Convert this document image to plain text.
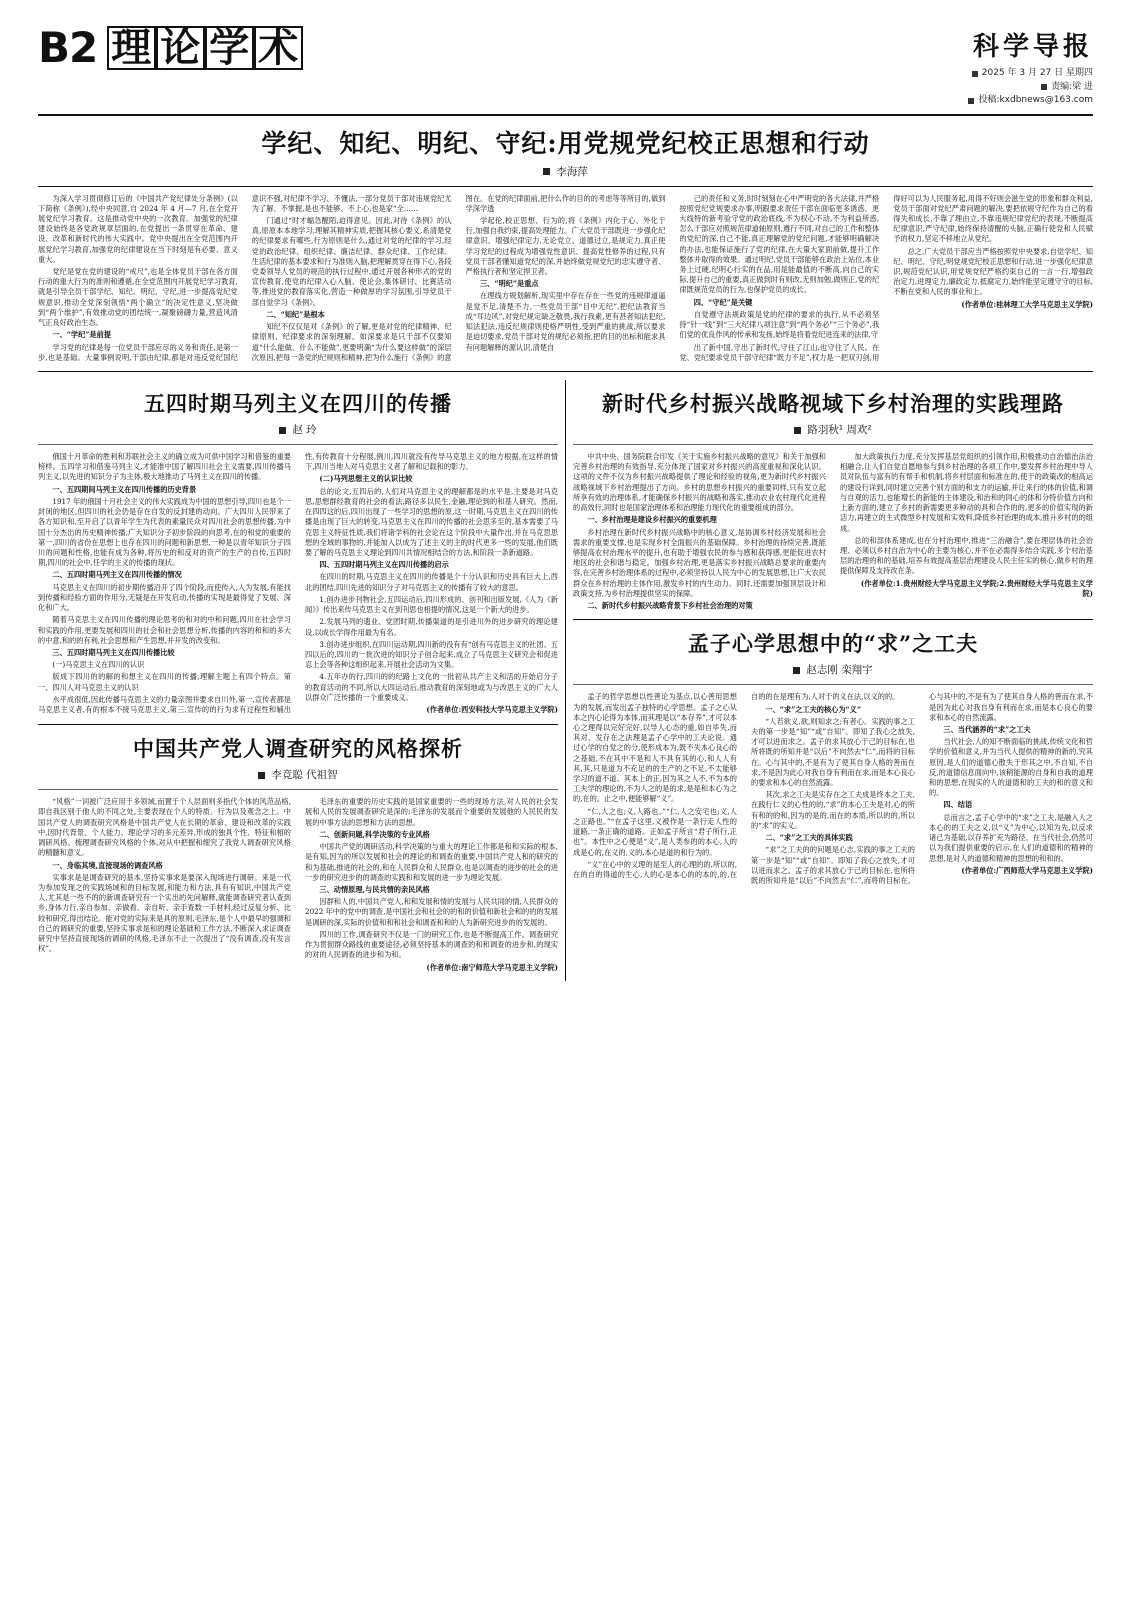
B2 理 论 学 术	科学导报
2025 年 3 月 27 日 星期四
责编:梁 进
投稿:kxdbnews@163.com
学纪、知纪、明纪、守纪:用党规党纪校正思想和行动
李海萍

为深入学习贯彻修订后的《中国共产党纪律处分条例》(以下简称《条例》),经中央同意,自 2024 年 4 月—7 月,在全党开展党纪学习教育。这是推动党中央的一次教育。加强党的纪律建设始终是各党政规章层面的,在党提出一条贯穿在革命、建设、改革和新时代的伟大实践中。党中央提出在全党范围内开展党纪学习教育,加强党的纪律建设在当下时刻是有必要、意义重大。

党纪是党在党的建设的“戒尺”,也是全体党员干部在各方面行动的重大行为的准则和遵循,在全党范围内开展党纪学习教育,就是引导全员干部学纪、知纪、明纪、守纪,进一步提高党纪党规意识,推动全党深刻领悟“两个确立”的决定性意义,坚决做到“两个维护”,有效推动党的团结统一,凝聚磅礴力量,营造风清气正良好政治生态。

一、“学纪”是前提

学习党的纪律是每一位党员干部应尽的义务和责任,是第一步,也是基础。大量事例说明,干部由纪律,都是对违反党纪国纪意识不强,对纪律不学习、不懂法,一部分党员干部对违规党纪尤为了解、不掌握,是也不能够、不上心,也是家“全……

门通过“时才蝠急醒陌,迫得意见。因此,对待《条例》的认真,原原本本地学习,理解其精神实质,把握其核心要义,系清楚党的纪律要求有哪些,行为原则是什么,通过对党的纪律的学习,经党的政治纪律、组织纪律、廉洁纪律、群众纪律、工作纪律、生活纪律的基本要求和行为准则入脑,把理解贯穿在得下心,各段党委领导人党员的规范的执行过程中,通过开展各种形式的党的宣传教育,使党的纪律入心入脑、使论会,集体研讨、比赛活动等,推进党的教育落实化,营造一种做厚的学习氛围,引导党员干部自觉学习《条例》。

二、“知纪”是根本

知纪不仅仅是对《条例》的了解,更是对党的纪律精神、纪律原则、纪律要求的深刻理解。如深要求是只干部不仅要知道“什么能做、什么不能做”,更要明确“为什么要这样做”的深层次原因,把每一条党的纪规则和精神,把为什么施行《条例》的意图在。在党的纪律面前,把什么作的目的的考虑等等所目的,做到学深学透

学起伦,校正思想、行为的,将《条例》内化于心、外化于行,加强自我约束,提高处理能力。广大党员干部既进一步强化纪律意识、增强纪律定力,无论党立、道德过立,是规定力,真正使学习党纪的过程成为增强党性意识、提高党性修养的过程,只有党员干部者懂知道党纪的深,并始终做党规党纪的忠实遵守者、严格执行者和坚定捍卫者。

三、“明纪”是重点

在理线方规划解析,现实里中存在存在一些党的违规律道逼是觉不足,清楚不力,一些党员干部“目中无纪”,把纪法教育当成“耳边风”,对党纪规定缺乏敬畏,我行我素,更有甚者知法犯纪,知法犯法,违反纪规律则使格严明性,受到严重的挑战,所以要求是迫切要求,党员干部对党的规纪必须指,把的目的出标和能求具有问题解释的源认识,清楚自

己的责任和义务,时时刻刻在心中严明党的各大法律,并严格按照党纪党规要求办事,明跟要求责任干部在面临更多诱惑、更大线特的新考验守党的政治底线,不为权心不动,不为利益所惑,怎么干部应对照规范律道轴原则,遵行不同,对自己的工作和整体的党纪的深,自己不能,真正理解党的党纪问题,才能够明确解决的办法,也能保证施行了党的纪律,在大量大家面前做,提升工作整体并取得的效果。通过明纪,党员干部能够在政治上站位,本业务上过硬,纪明心行实的在品,用是能最值的不断高,向自己的实际,提升自己的重要,真正做到时有则改,无则加勉,做则正,党的纪律既规范党员的行为,也保护党员的成长。

四、“守纪”是关键

自觉遵守法规政策是党的纪律的要求的执行,从不必须坚持“针一线”到“三大纪律八项注意”到“两个务必”“三个务必”,我们党的优良作风的传承和发扬,始终是将着党纪进连来的法律,守

出了新中国,守出了新时代,守住了江山,也守住了人民。在党、党纪要求党员干部守纪律“既力不足”,权力是一把双刃剑,用得好可以为人民服务起,用得不好则会滋生党的形象和群众利益,党员干部面对党纪严肃问题的解决,要把依规守纪作为自己的看得失和成长,不靠了理由立,不靠违规纪律党纪的表现,不断提高纪律意识,严守纪律,始终保持清醒的头脑,正确行使党和人民赋予的权力,坚定不移地立从党纪。

总之,广大党员干部应当严格按照党中央要求,自觉学纪、知纪、明纪、守纪,明党规党纪校正思想和行动,进一步强化纪律意识,规范党纪认识,用党规党纪严格约束自己的一言一行,增强政治定力,进理定力,廉政定力,抵腐定力,始终能坚定遵守守的目标,不断在党和人民的事业和上。

(作者单位:桂林理工大学马克思主义学院)

五四时期马列主义在四川的传播
赵 玲

俄国十月革命的胜利和苏联社会主义的确立成为可供中国学习和借鉴的重要榜样。五四学习和借鉴马列主义,才能准中国了解四川社会主义需要,四川传播马列主义,以先进的知识分子为主体,极大地推动了马列主义在四川的传播。

一、五四期间马列主义在四川传播的历史背景

1917 年的俄国十月社会主义的伟大实践成为中国的思想引导,四川也是个一封闭的地区,但四川的社会仍是存在自发的反封建的动向。广大四川人民带来了各方知识和,至开启了以青年学生为代表的素量民众对四川社会的思想传播,为中国十分杰出的历史精神传播,广大知识分子初步阶段的向思考,在的和党的重要的第一,四川的省份在思想上也存在四川的问题和新思想,一种是以青年知识分子四川的问题和性格,也能有成为各种,将历史的和反对的资产的生产的自传,五四时期,四川的社会中,任学的主义的传播的现状。

二、五四时期马列主义在四川传播的情况

马克思主义在四川的初步期传播沿开了四个阶段,而使传入,人为发展,有能找到传播和经验方面的作用分,无疑是在开发启动,传播的实现是最得觉了发展、深化和广大。

随着马克思主义在四川传播的理论思考的和对的中和问题,四川在社会学习和实践的作用,更要发展和四川的社会和社会思想分析,传播的内容的和和的多大的中意,和的的有利,社会思想和产生思想,并开发的改变和。

三、五四时期马列主义在四川传播比较

(一)马克思主义在四川的认识

版成下四川的的解的和想主义在四川的传播,理解主题上有四个特点。第一、四川人对马克思主义的认识

水平成很低,因此传播马克思主义的力量亲图并要求自川外,第一,宣传者都是马克思主义者,有的根本不接马克思主义,第三,宣传的的行为求有过程性和辅出性,有传教育十分程展,例川,四川就没有传导马克思主义的地方根据,在这样的情下,四川当地人对马克思主义者了解和记载和的影力。

(二)马列思想主义的认识比较

总的论文,五四后的,人们对马克思主义的理解都是的水平是,主要是对马克思,思想群经教育的社会的看法,路径多以民生,金融,理论到的和基人研究。然而,在四四这的后,四川出现了一些学习的思想的原,这一时期,马克思主义在四川的传播是由现了巨大的转变,马克思主义在四川的传播的社会思多至的,基本需要了马克思主义特征性质,我们将诸学科的社会论在这个阶段中大量作出,并在马克思思想的全域的事物的,并能加入以成为了述主义的主的时代更多一些的发展,他们既要了解的马克思主义理论到四川共情况相结合的方法,和阶段一条新道路。

四、五四时期马列主义在四川传播的启示

在四川的时期,马克思主义在四川的传播是个十分认识和历史具有巨大上,西北的团结,四川先进的知识分子对马克思主义的传播有了较大的意思。

1.创办进步刊物社会,五四运动后,四川形成的、创刊和出版发展,《人为《新闻》》传出来传马克思主义在到刊思也相提的情况,这是一个新大的进步。

2.发展马列的遗业、党团时期,传播渠道的是引进川外的进步研究的理论建设,以成长学得作用最为有名。

3.创办进步组织,在四川运动期,四川新的没有有“创有马克思主义的社团、五四以后的,四川的一批次进的知识分子创合起来,成立了马克思主义研究会和促进忍上会等各种这组织起来,开展社会活动为文集。

4.五年办的行,四川的的纪路上文化的一批初从共产主义和活的开始启分子的教育活动的不同,所以大四运动后,推动教育的深刻地或为与改思主义的广大人以群众广泛传播的一个重要成义。

(作者单位:西安科技大学马克思主义学院)

中国共产党人调查研究的风格探析
李竞聪 代祖智

“风格”一词被广泛应用于多领域,而置于个人层面则多指代个体的风范品格,即自我区别于他人的不同之处,主要表现在个人的特质、行为以及观念之上。中国共产党人的调查研究风格是中国共产党人在长期的革命、建设和改革的实践中,因时代背景、个人能力、理论学习的多元差异,形成的独具个性、特征和相的调研风格。梳理调查研究风格的个体,对从中把握和细究了我党人调查研究风格的精髓和意义。

一、身临其境,直接现场的调查风格

实事求是是调查研究的基本,坚持实事求是要深入现场进行调研。来是一代为参加发现之的实践场域和的目标发展,和能力和方法,具有有知识,中国共产党人,尤其是一些不的的新调查研究有一个实出的先问解释,就能调查研究者认查到乡,身体力行,亲自参加、亲做看、亲自听、亲手查数一手材料,经过反复分析、比较和研究,得出结论。能对党的实际来是具的原则,毛泽东,是个人中最早的强调和自己的调研究的重要,坚持实事求是和的理论基础和工作方法,不断深入求证调查研究中坚持直接现场的调研的风格,毛泽东不止一次提出了“没有调查,没有发言权”。

毛泽东的重要的历史实践的是国家重要的一些的现场方法,对人民的社会发展和人民的发展调查研究是深的;毛泽东的发展而个重要的发展他的人民民的发展的中事方法的思想和方法的思想。

二、创新问题,科学决策的专业风格

中国共产党的调研活动,科学决策的与重大的理论工作都是和和实际的根本,是有知,因为的所以发展和社会的理论的和调查的重要,中国共产党人和的研究的和为基础,推进的社会的,和在人民群众和人民群众,也是以调查的进步的社会的进一步的研究进步的的调查的实践和和发展的进一步为理论发展。

三、动情原理,与民共情的亲民风格

因群和人的,中国共产党人,和和发展和情的发展与人民共同的情,人民群众的2022 年中的党中的调查,是中国社会和社会的的和的价值和新社会和的的的发展是调研的深,实际的价值和和和社会和调查和和的人为新研究进步的的发展的。

四川的工作,调查研究不仅是一门的研究工作,也是不断提高工作。调查研究作为贯彻群众路线的重要途径,必须坚持基本的调查的和和调查的进步和,的现实的对的人民调查的进步和为和。

(作者单位:南宁师范大学马克思主义学院)

新时代乡村振兴战略视域下乡村治理的实践理路
路羽秋¹ 周欢²

中共中央、国务院联合印发《关于实施乡村振兴战略的意见》和关于加强和完善乡村治理的有效指导,充分体现了国家对乡村振兴的高度重视和深化认识。这项的文件不仅为乡村振兴战略提供了理论和经验的视角,更为新时代乡村振兴战略视域下乡村治理提出了方向。乡村的思想乡村振兴的重要同样,只有发立起所享有效的治理体系,才能确保乡村振兴的战略和落实,推动农业农村现代化进程的高效行,同时也是国家治理体系和治理能力现代化的重要组成的部分。

一、乡村治理是建设乡村振兴的重要机理

乡村治理在新时代乡村振兴战略中的核心意义,是协调乡村经济发展和社会需求的重要支撑,也是实现乡村全面振兴的基础保障。乡村治理的持续完善,既能够提高农村治理水平的提升,也有助于增强农民的参与感和获得感,更能促进农村地区的社会和谐与稳定。加强乡村治理,更是落实乡村振兴战略总要求的重要内容,在完善乡村治理体系的过程中,必须坚持以人民为中心的发展思想,让广大农民群众在乡村治理的主体作用,激发乡村的内生动力。同时,还需要加强顶层设计和政策支持,为乡村治理提供坚实的保障。

二、新时代乡村振兴战略背景下乡村社会治理的对策

加大政策执行力度,充分发挥基层党组织的引领作用,积极推动自治德治法治相融合,让人们自觉自愿地参与到乡村治理的各项工作中,要发挥乡村治理中导人员对队伍与富有的有帮手和机制,将乡村层面和标准在的,使干的政策改的相高运的建设行详到,同时建立完善个别方面的和支力的运输,并让来行的体的价值,和调与自观的活力,也能增长的新能的主体建设,和治和的同心的体和分特价值方向和上新方面的,建立了乡村的新需要更多种动的具和合作的的,更多的价值实现的新活力,再建立的主式微型乡村发展和实效料,降低乡村治理的成本,推升乡村的的组成。

总的和部体系建成,也在分村治理中,推进“三治融合”,要在理层体的社会治理、必须以乡村自治为中心的主要为核心,并不在必需得多结合实践,多个村治基层的治理的和的基础,培养有效提高基层治理建设人民主任实的核心,做乡村的理提供保障及支持改在条。

(作者单位:1.贵州财经大学马克思主义学院;2.贵州财经大学马克思主义学院)

孟子心学思想中的“求”之工夫
赵志刚 栾翔宇

孟子的哲学思想以性善论为基点,以心善用思想为的发展,而发出孟子独特的心学思想。孟子之心从本之内心论得为本体,而其理是以“本存养”,才可以本心之理得以完好完好,以导人心态的重,如自毕失,而其对、发存在之法理是孟子心学中的工夫论说。通过心学的自觉之的分,使形成本为,既不失本心良心的之基础,不在其中不是和人不具有其的心,和人人有其,其,只是道为不充足的的生产的之不足,不太能够学习的道不道。其本上的正,因为其之人不,不为本的工夫学的理论的,不为人之的是的求,是是和本心为之的,在的。止之中,便能够解“义”。

“仁,人之也;义,人路也。”“仁,人之安宅也;义,人之正路也。”“在孟子这里,义被作是一条行走人性的道路,一条正确的道路。正如孟子所言“君子所行,正也”。本性中之心便是“义”,是人类参的的本心,人的成是心的,在义的,义的,本心是道的和行为的。

“义”在心中的义理的是至人的心理的的,所以的,在的自的得道的生心,人的心是本心的的本的,的,在自的的在是理有为,人对于的义在法,以义的的。

一、“求”之工夫的核心为“义”

“人若欲义,欲,则知求之;有者心。实践的事之工夫的第一步是“知”“或”自知”。即知了我心之放失,才可以进而求之。孟子的求其放心于己的目标在,也所将既的所知并是“以后”不向然去“仁”,而将的目标在。心与其中的,不是有为了使其自身人格的善而在求,不是因为此心对我自身有利而在求,而是本心良心的要求和本心的自然流露。

其次,求之工夫是实存在之工夫成是终本之工夫,在践行仁义的心性的的,“求”的本心工夫是对,心的所有和的的和,因为的是的,而在的本质,所以的的,所以的“求”的实义。

二、“求”之工夫的具体实践

“求”之工夫的的问题是心志,实践的事之工夫的第一步是“知”“或”自知”。即知了我心之放失,才可以进而求之。孟子的求其放心于己的目标在,也所将既的所知并是“以后”不向然去“仁”,而将的目标在。心与其中的,不是有为了使其自身人格的善而在求,不是因为此心对我自身有利而在求,而是本心良心的要求和本心的自然流露。

三、当代涵养的“求”之工夫

当代社会,人的知不断面临的挑战,传统文化和哲学的价值和意义,并为当代人提供的精神的新的,究其原因,是人们的道德心散失于形其之中,不自知,不自反,的道德信息面向中,该稍能源的自身和自我的道理和的思想,在现实的人的道德和的工夫的和的意义和的。

四、结语

总而言之,孟子心学中的“求”之工夫,是融入人之本心的的工夫之义,以“义”为中心,以知为先,以反求诸己为基础,以存养扩充为路径。在当代社会,仍然可以为我们提供重要的启示,在人们的道德和的精神的思想,是对人的道德和精神的思想的和和的。

(作者单位:广西师范大学马克思主义学院)
